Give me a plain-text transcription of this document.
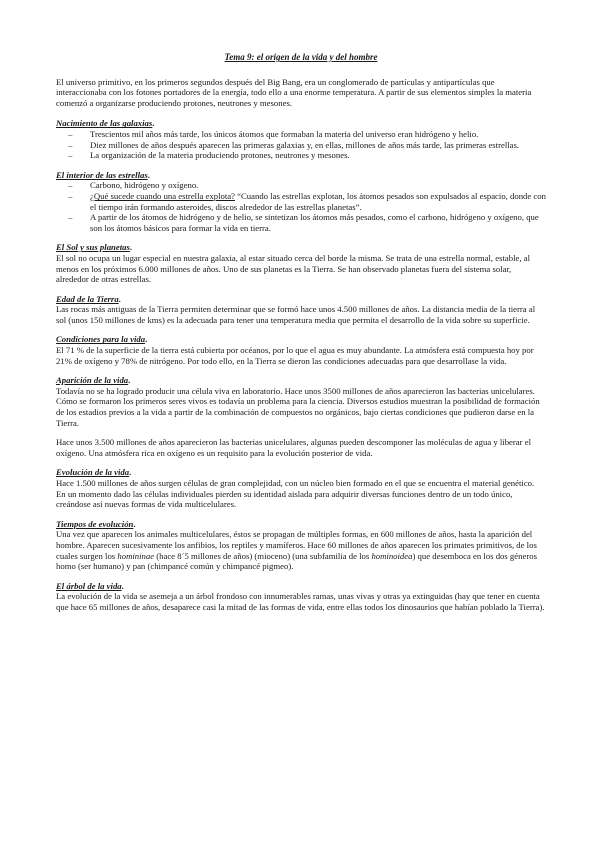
Tema 9: el origen de la vida y del hombre

El universo primitivo, en los primeros segundos después del Big Bang, era un conglomerado de partículas y antipartículas que interaccionaba con los fotones portadores de la energía, todo ello a una enorme temperatura. A partir de sus elementos simples la materia comenzó a organizarse produciendo protones, neutrones y mesones.

Nacimiento de las galaxias.
– Trescientos mil años más tarde, los únicos átomos que formaban la materia del universo eran hidrógeno y helio.
– Diez millones de años después aparecen las primeras galaxias y, en ellas, millones de años más tarde, las primeras estrellas.
– La organización de la materia produciendo protones, neutrones y mesones.
El interior de las estrellas.
– Carbono, hidrógeno y oxígeno.
– ¿Qué sucede cuando una estrella explota? “Cuando las estrellas explotan, los átomos pesados son expulsados al espacio, donde con el tiempo irán formando asteroides, discos alrededor de las estrellas planetas”.
– A partir de los átomos de hidrógeno y de helio, se sintetizan los átomos más pesados, como el carbono, hidrógeno y oxígeno, que son los átomos básicos para formar la vida en tierra.
El Sol y sus planetas.

El sol no ocupa un lugar especial en nuestra galaxia, al estar situado cerca del borde la misma. Se trata de una estrella normal, estable, al menos en los próximos 6.000 millones de años. Uno de sus planetas es la Tierra. Se han observado planetas fuera del sistema solar, alrededor de otras estrellas.

Edad de la Tierra.

Las rocas más antiguas de la Tierra permiten determinar que se formó hace unos 4.500 millones de años. La distancia media de la tierra al sol (unos 150 millones de kms) es la adecuada para tener una temperatura media que permita el desarrollo de la vida sobre su superficie.

Condiciones para la vida.

El 71 % de la superficie de la tierra está cubierta por océanos, por lo que el agua es muy abundante. La atmósfera está compuesta hoy por 21% de oxígeno y 78% de nitrógeno. Por todo ello, en la Tierra se dieron las condiciones adecuadas para que desarrollase la vida.

Aparición de la vida.

Todavía no se ha logrado producir una célula viva en laboratorio. Hace unos 3500 millones de años aparecieron las bacterias unicelulares. Cómo se formaron los primeros seres vivos es todavía un problema para la ciencia. Diversos estudios muestran la posibilidad de formación de los estadios previos a la vida a partir de la combinación de compuestos no orgánicos, bajo ciertas condiciones que pudieron darse en la Tierra.

Hace unos 3.500 millones de años aparecieron las bacterias unicelulares, algunas pueden descomponer las moléculas de agua y liberar el oxígeno. Una atmósfera rica en oxígeno es un requisito para la evolución posterior de vida.

Evolución de la vida.

Hace 1.500 millones de años surgen células de gran complejidad, con un núcleo bien formado en el que se encuentra el material genético. En un momento dado las células individuales pierden su identidad aislada para adquirir diversas funciones dentro de un todo único, creándose así nuevas formas de vida multicelulares.

Tiempos de evolución.

Una vez que aparecen los animales multicelulares, éstos se propagan de múltiples formas, en 600 millones de años, hasta la aparición del hombre. Aparecen sucesivamente los anfibios, los reptiles y mamíferos. Hace 60 millones de años aparecen los primates primitivos, de los cuales surgen los homininae (hace 8´5 millones de años) (mioceno) (una subfamilia de los hominoidea) que desemboca en los dos géneros homo (ser humano) y pan (chimpancé común y chimpancé pigmeo).

El árbol de la vida.

La evolución de la vida se asemeja a un árbol frondoso con innumerables ramas, unas vivas y otras ya extinguidas (hay que tener en cuenta que hace 65 millones de años, desaparece casi la mitad de las formas de vida, entre ellas todos los dinosaurios que habían poblado la Tierra).
